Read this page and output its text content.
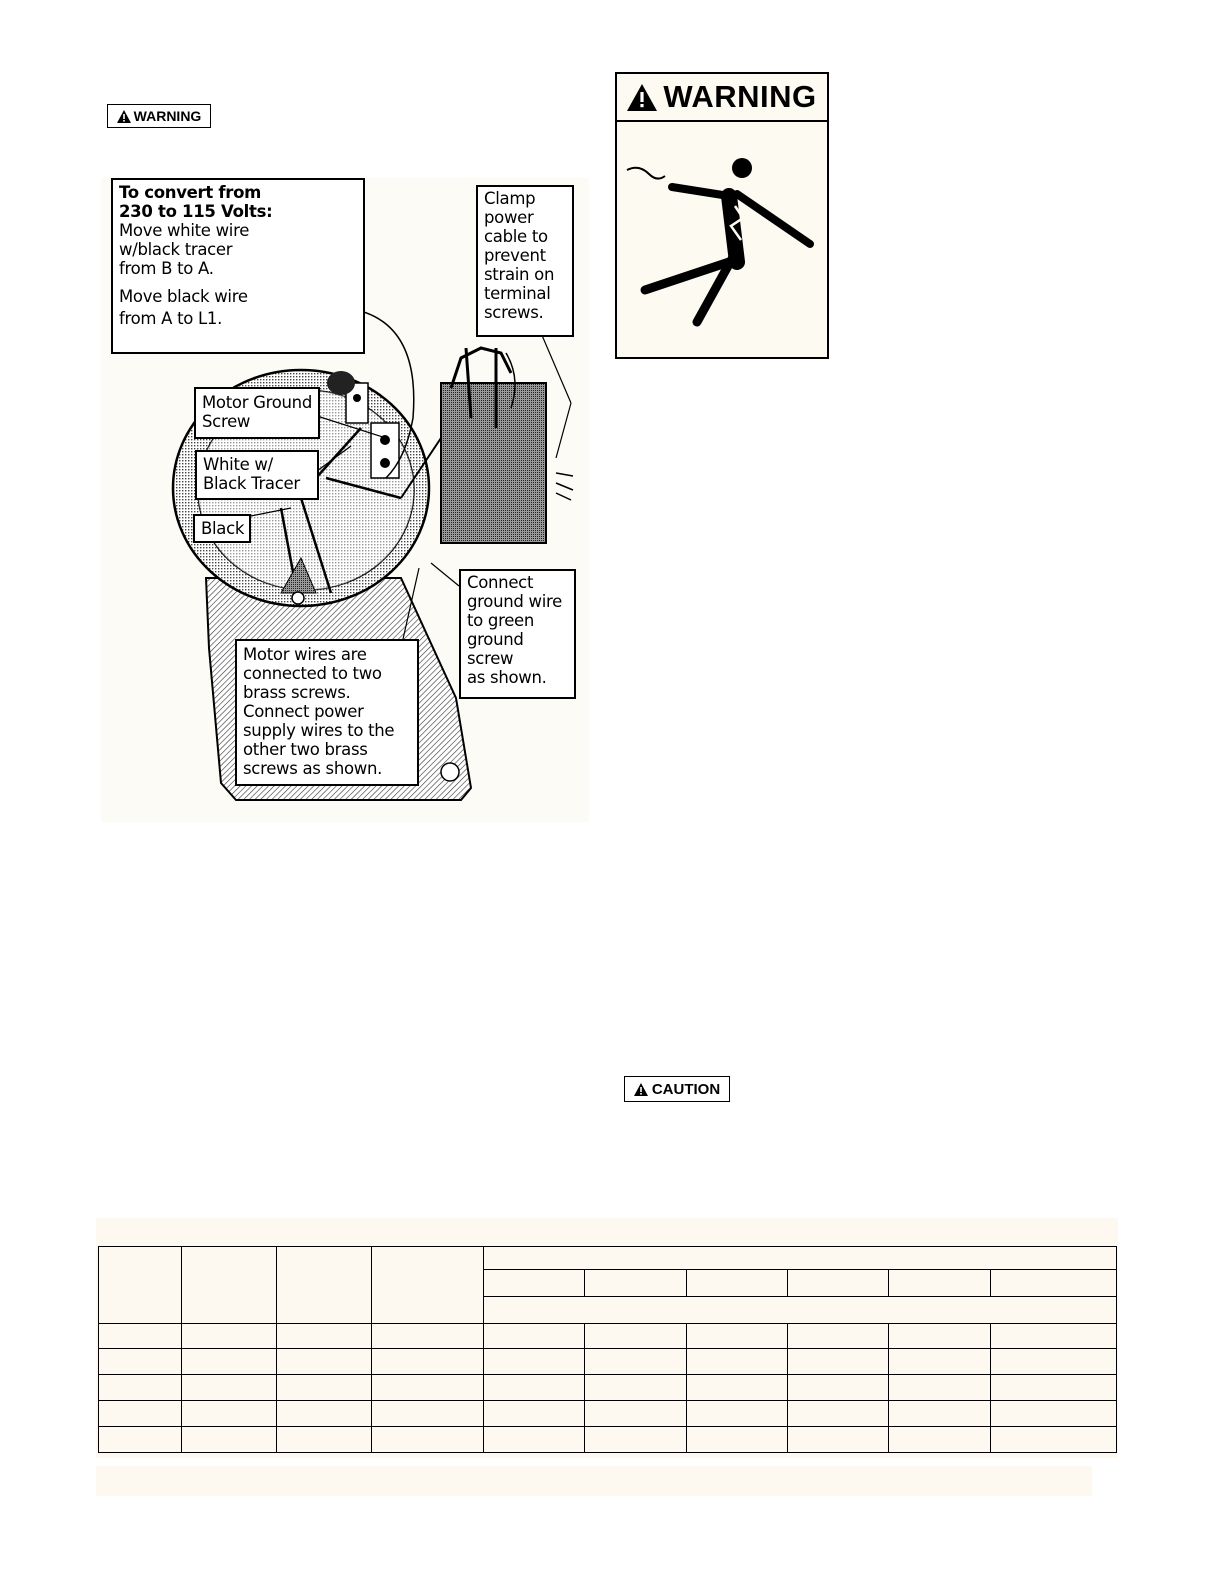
WARNING
To convert from
230 to 115 Volts:
Move white wire
w/black tracer
from B to A.
Move black wire
from A to L1.
Clamp
power
cable to
prevent
strain on
terminal
screws.
Motor Ground
Screw
White w/
Black Tracer
Black
Connect
ground wire
to green
ground
screw
as shown.
Motor wires are
connected to two
brass screws.
Connect power
supply wires to the
other two brass
screws as shown.
WARNING
CAUTION
